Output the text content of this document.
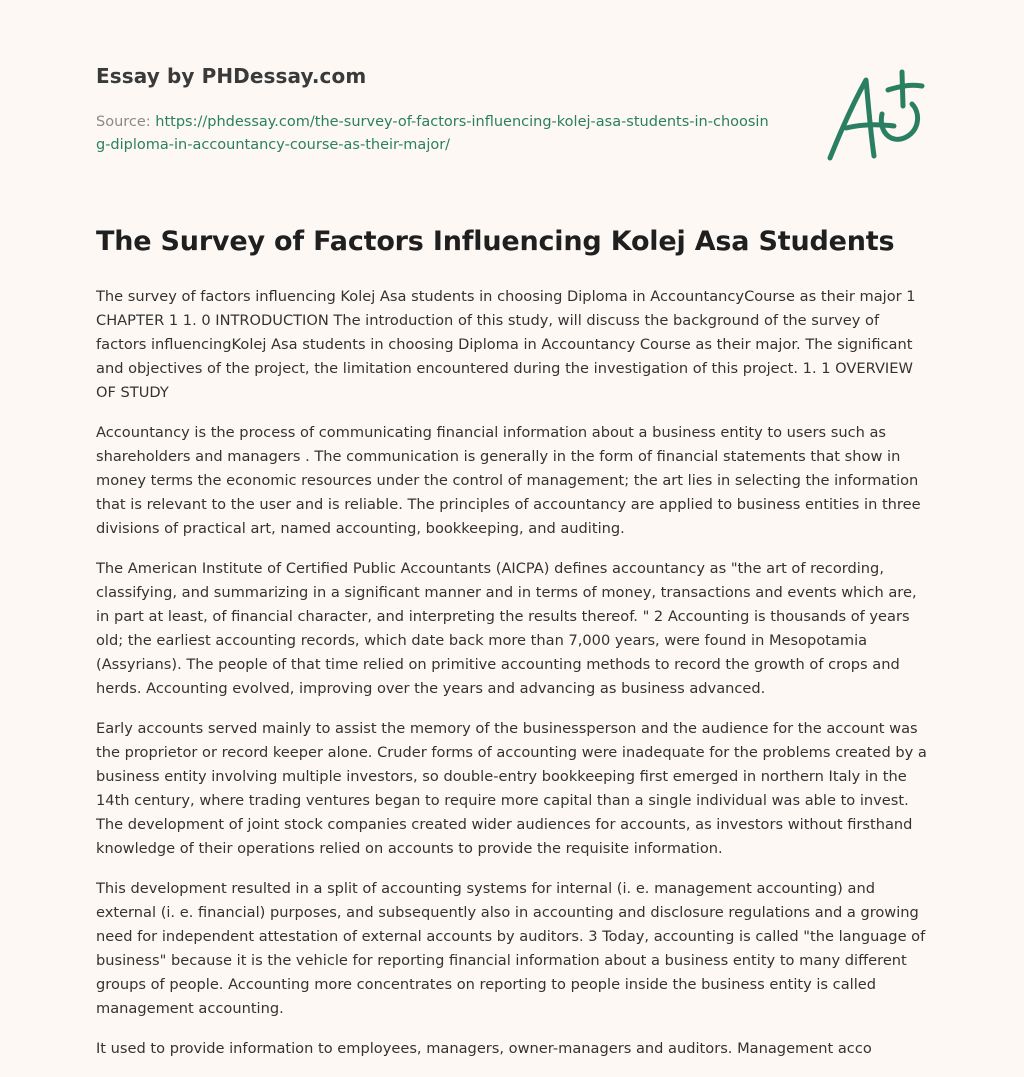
Essay by PHDessay.com
Source: https://phdessay.com/the-survey-of-factors-influencing-kolej-asa-students-in-choosing-diploma-in-accountancy-course-as-their-major/
The Survey of Factors Influencing Kolej Asa Students

The survey of factors influencing Kolej Asa students in choosing Diploma in AccountancyCourse as their major 1 CHAPTER 1 1. 0 INTRODUCTION The introduction of this study, will discuss the background of the survey of factors influencingKolej Asa students in choosing Diploma in Accountancy Course as their major. The significant and objectives of the project, the limitation encountered during the investigation of this project. 1. 1 OVERVIEW OF STUDY

Accountancy is the process of communicating financial information about a business entity to users such as shareholders and managers . The communication is generally in the form of financial statements that show in money terms the economic resources under the control of management; the art lies in selecting the information that is relevant to the user and is reliable. The principles of accountancy are applied to business entities in three divisions of practical art, named accounting, bookkeeping, and auditing.

The American Institute of Certified Public Accountants (AICPA) defines accountancy as "the art of recording, classifying, and summarizing in a significant manner and in terms of money, transactions and events which are, in part at least, of financial character, and interpreting the results thereof. " 2 Accounting is thousands of years old; the earliest accounting records, which date back more than 7,000 years, were found in Mesopotamia (Assyrians). The people of that time relied on primitive accounting methods to record the growth of crops and herds. Accounting evolved, improving over the years and advancing as business advanced.

Early accounts served mainly to assist the memory of the businessperson and the audience for the account was the proprietor or record keeper alone. Cruder forms of accounting were inadequate for the problems created by a business entity involving multiple investors, so double-entry bookkeeping first emerged in northern Italy in the 14th century, where trading ventures began to require more capital than a single individual was able to invest. The development of joint stock companies created wider audiences for accounts, as investors without firsthand knowledge of their operations relied on accounts to provide the requisite information.

This development resulted in a split of accounting systems for internal (i. e. management accounting) and external (i. e. financial) purposes, and subsequently also in accounting and disclosure regulations and a growing need for independent attestation of external accounts by auditors. 3 Today, accounting is called "the language of business" because it is the vehicle for reporting financial information about a business entity to many different groups of people. Accounting more concentrates on reporting to people inside the business entity is called management accounting.

It used to provide information to employees, managers, owner-managers and auditors. Management acco
